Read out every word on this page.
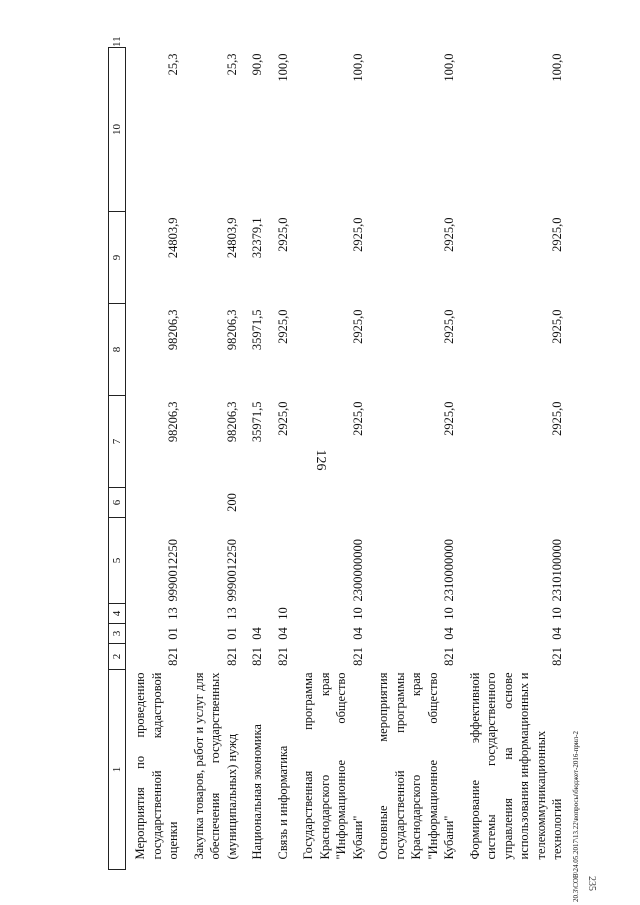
126

1	2	3	4	5	6	7	8	9	10	11
Мероприятия по проведению государственной кадастровой оценки	821	01	13	9990012250		98206,3	98206,3	24803,9	25,3	
Закупка товаров, работ и услуг для обеспечения государственных (муниципальных) нужд	821	01	13	9990012250	200	98206,3	98206,3	24803,9	25,3	
Национальная экономика	821	04				35971,5	35971,5	32379,1	90,0	
Связь и информатика	821	04	10			2925,0	2925,0	2925,0	100,0	
Государственная программа Краснодарского края "Информационное общество Кубани"	821	04	10	2300000000		2925,0	2925,0	2925,0	100,0	
Основные мероприятия государственной программы Краснодарского края "Информационное общество Кубани"	821	04	10	2310000000		2925,0	2925,0	2925,0	100,0	
Формирование эффективной системы государственного управления на основе использования информационных и телекоммуникационных технологий	821	04	10	2310100000		2925,0	2925,0	2925,0	100,0	
20.3\СОВ\24.05.2017\13.22\вопросы\бюджет-2016-прил-2 235
